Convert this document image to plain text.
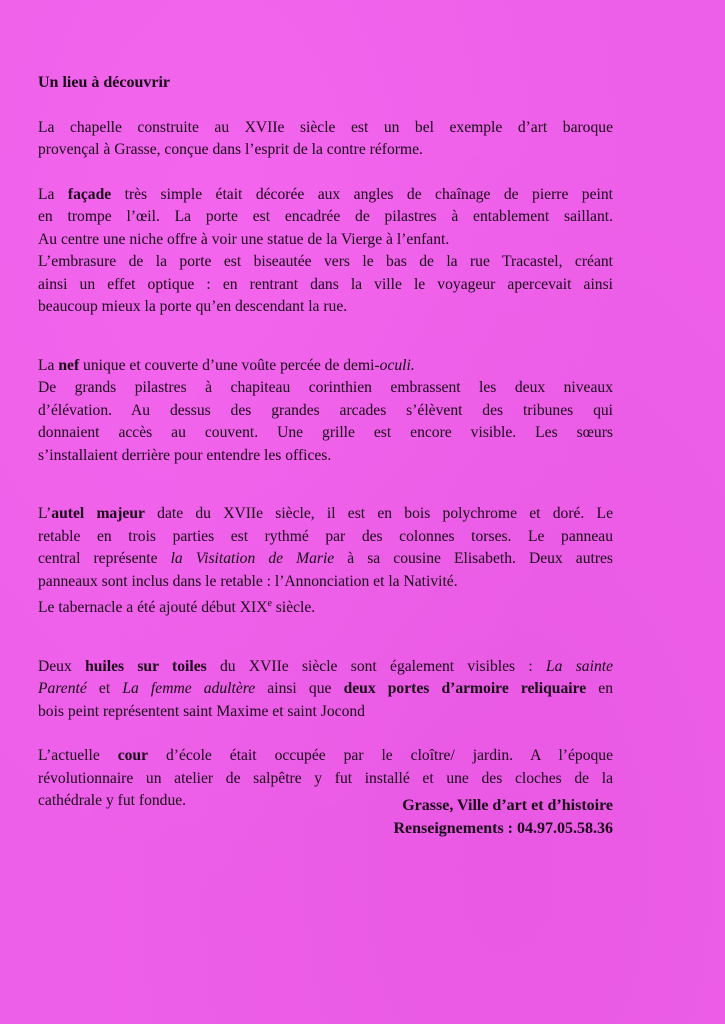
Un lieu à découvrir
La chapelle construite au XVIIe siècle est un bel exemple d’art baroque
provençal à Grasse, conçue dans l’esprit de la contre réforme.
La façade très simple était décorée aux angles de chaînage de pierre peint
en trompe l’œil. La porte est encadrée de pilastres à entablement saillant.
Au centre une niche offre à voir une statue de la Vierge à l’enfant.
L’embrasure de la porte est biseautée vers le bas de la rue Tracastel, créant
ainsi un effet optique : en rentrant dans la ville le voyageur apercevait ainsi
beaucoup mieux la porte qu’en descendant la rue.
La nef unique et couverte d’une voûte percée de demi-oculi.
De grands pilastres à chapiteau corinthien embrassent les deux niveaux
d’élévation. Au dessus des grandes arcades s’élèvent des tribunes qui
donnaient accès au couvent. Une grille est encore visible. Les sœurs
s’installaient derrière pour entendre les offices.
L’autel majeur date du XVIIe siècle, il est en bois polychrome et doré. Le
retable en trois parties est rythmé par des colonnes torses. Le panneau
central représente la Visitation de Marie à sa cousine Elisabeth. Deux autres
panneaux sont inclus dans le retable : l’Annonciation et la Nativité.
Le tabernacle a été ajouté début XIXe siècle.
Deux huiles sur toiles du XVIIe siècle sont également visibles : La sainte
Parenté et La femme adultère ainsi que deux portes d’armoire reliquaire en
bois peint représentent saint Maxime et saint Jocond
L’actuelle cour d’école était occupée par le cloître/ jardin. A l’époque
révolutionnaire un atelier de salpêtre y fut installé et une des cloches de la
cathédrale y fut fondue.	Grasse, Ville d’art et d’histoire
Renseignements : 04.97.05.58.36
